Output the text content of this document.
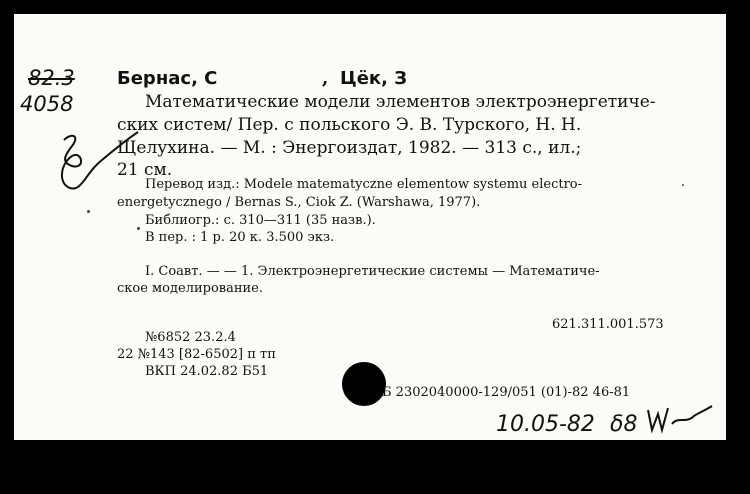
82.3
4058
Бернас, С	, Цёк, З
Математические модели элементов электроэнергетиче-
ских систем/ Пер. с польского Э. В. Турского, Н. Н.
Щелухина. — М. : Энергоиздат, 1982. — 313 с., ил.;
21 см.
Перевод изд.: Modele matematyczne elementow systemu electro-
energetycznego / Bernas S., Ciok Z. (Warshawa, 1977).
Библиогр.: с. 310—311 (35 назв.).
В пер. : 1 р. 20 к. 3.500 экз.
I. Соавт. — — 1. Электроэнергетические системы — Математиче-
ское моделирование.
621.311.001.573
№6852 23.2.4
22 №143 [82-6502] п тп
ВКП 24.02.82 Б51
Б 2302040000-129/051 (01)-82 46-81
10.05-82 δ8
